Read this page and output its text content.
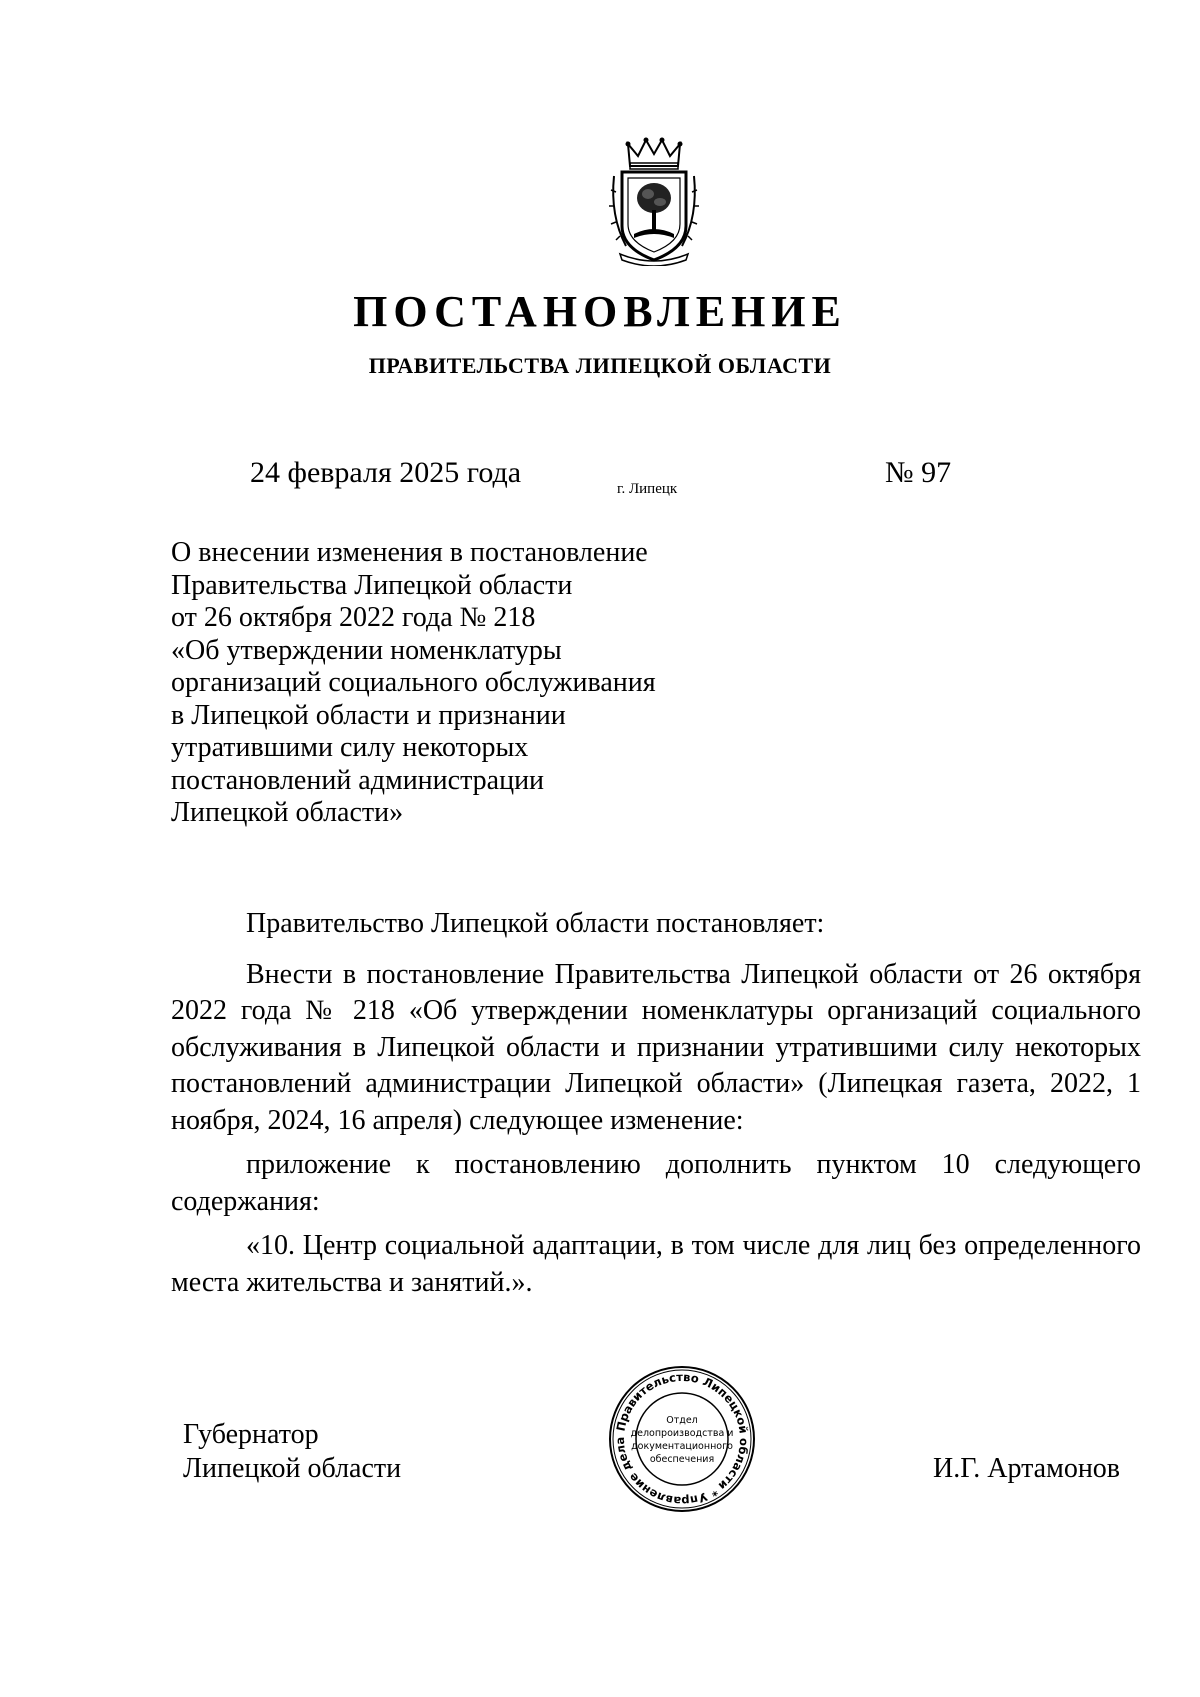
ПОСТАНОВЛЕНИЕ
ПРАВИТЕЛЬСТВА ЛИПЕЦКОЙ ОБЛАСТИ
24 февраля 2025 года	г. Липецк	№ 97
О внесении изменения в постановление
Правительства Липецкой области
от 26 октября 2022 года № 218
«Об утверждении номенклатуры
организаций социального обслуживания
в Липецкой области и признании
утратившими силу некоторых
постановлений администрации
Липецкой области»

Правительство Липецкой области постановляет:

Внести в постановление Правительства Липецкой области от 26 октября 2022 года № 218 «Об утверждении номенклатуры организаций социального обслуживания в Липецкой области и признании утратившими силу некоторых постановлений администрации Липецкой области» (Липецкая газета, 2022, 1 ноября, 2024, 16 апреля) следующее изменение:

приложение к постановлению дополнить пунктом 10 следующего содержания:

«10. Центр социальной адаптации, в том числе для лиц без определенного места жительства и занятий.».

Губернатор
Липецкой области	И.Г. Артамонов
Правительство Липецкой области * Управление дела
Отдел
делопроизводства и
документационного
обеспечения
